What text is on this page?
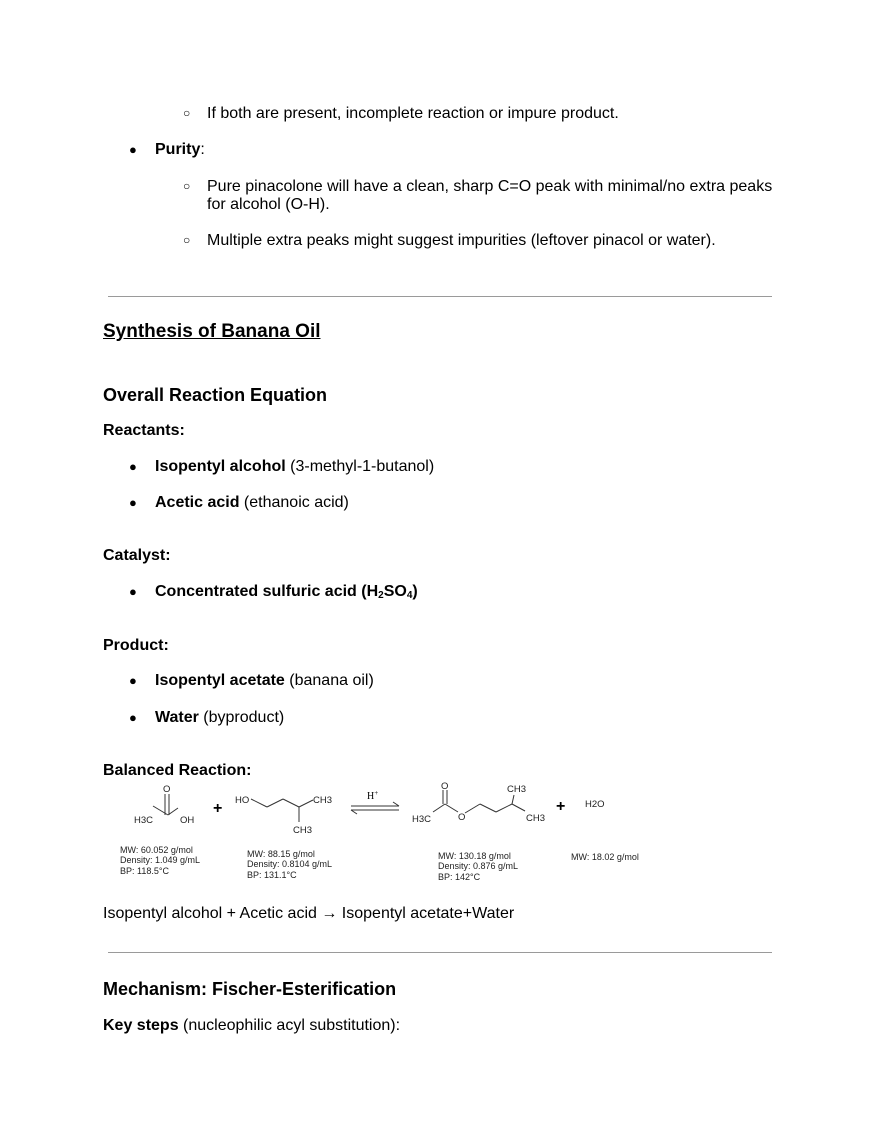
○ If both are present, incomplete reaction or impure product.
● Purity:
○ Pure pinacolone will have a clean, sharp C=O peak with minimal/no extra peaks
for alcohol (O-H).
○ Multiple extra peaks might suggest impurities (leftover pinacol or water).
Synthesis of Banana Oil
Overall Reaction Equation
Reactants:
● Isopentyl alcohol (3-methyl-1-butanol)
● Acetic acid (ethanoic acid)
Catalyst:
● Concentrated sulfuric acid $(H_2SO_4)$
Product:
● Isopentyl acetate (banana oil)
● Water (byproduct)
Balanced Reaction:
O
H3C	OH
MW: 60.052 g/mol
Density: 1.049 g/mL
BP: 118.5°C
+ HO	CH3
CH3
MW: 88.15 g/mol
Density: 0.8104 g/mL
BP: 131.1°C
H+
O
H3C	O
CH3
CH3
MW: 130.18 g/mol
Density: 0.876 g/mL
BP: 142°C
+ H2O
MW: 18.02 g/mol
Isopentyl alcohol + Acetic acid → Isopentyl acetate+Water
Mechanism: Fischer-Esterification
Key steps (nucleophilic acyl substitution):
